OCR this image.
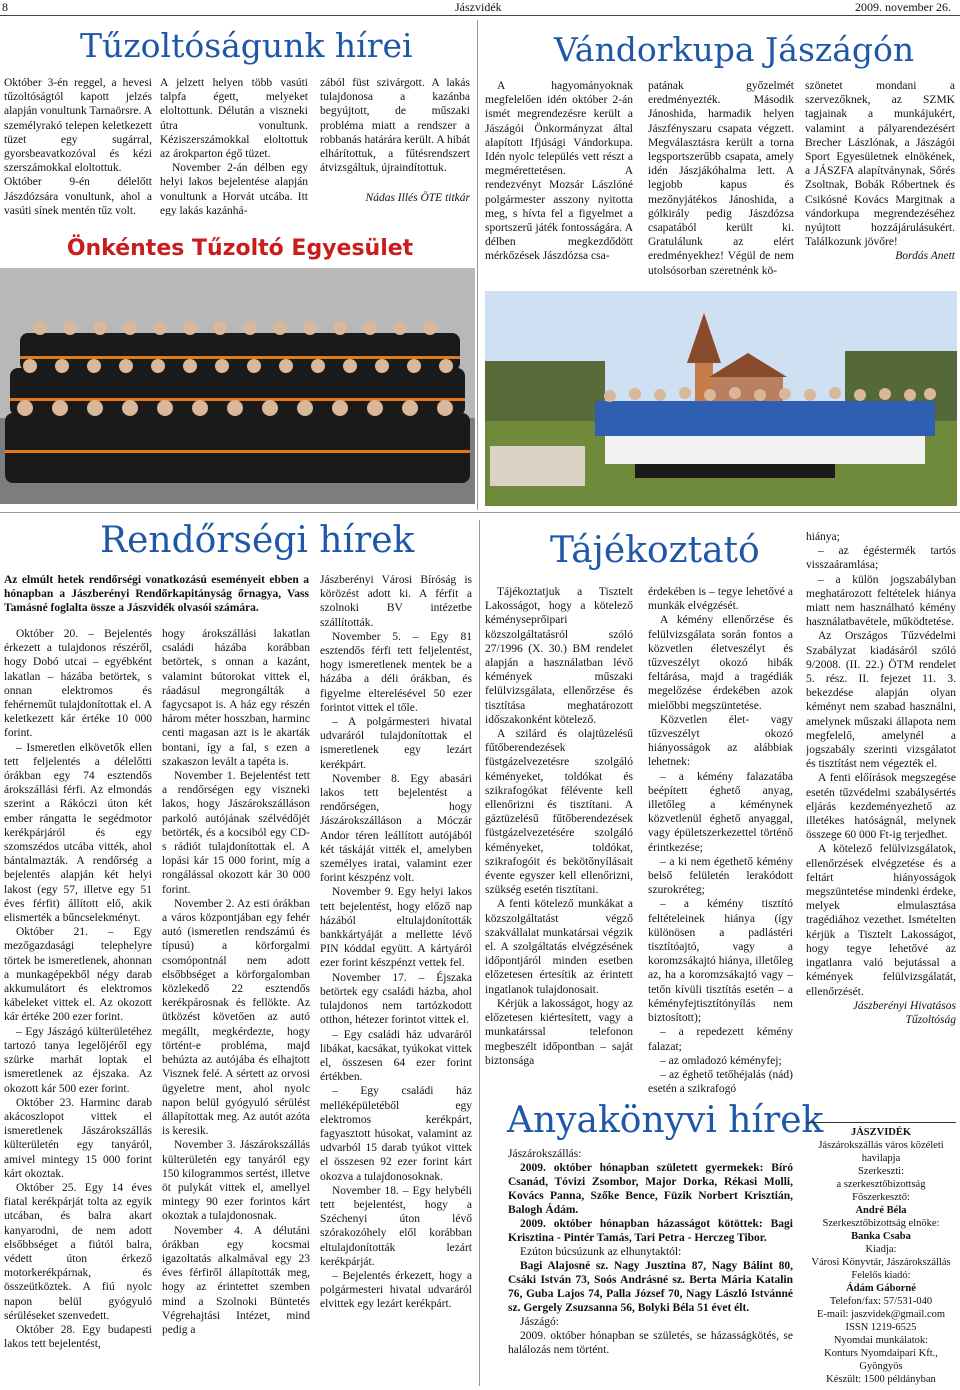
8	Jászvidék	2009. november 26.
Tűzoltóságunk hírei

Október 3-én reggel, a hevesi tűzoltóságtól kapott jelzés alapján vonultunk Tarnaörsre. A személyrakó telepen keletkezett tüzet egy sugárral, gyorsbeavatkozóval és kézi szerszámokkal eloltottuk.

Október 9-én délelőtt Jászdózsára vonultunk, ahol a vasúti sínek mentén tűz volt.

A jelzett helyen több vasúti talpfa égett, melyeket eloltottunk. Délután a viszneki útra vonultunk. Kéziszerszámokkal eloltottuk az árokparton égő tüzet.

November 2-án délben egy helyi lakos bejelentése alapján vonultunk a Horvát utcába. Itt egy lakás kazánhá-

zából füst szivárgott. A lakás tulajdonosa a kazánba begyújtott, de műszaki probléma miatt a rendszer a robbanás határára került. A hibát elhárítottuk, a fűtésrendszert átvizsgáltuk, újraindítottuk.

Nádas Illés ÖTE titkár

Önkéntes Tűzoltó Egyesület
Vándorkupa Jászágón

A hagyományoknak megfelelően idén október 2-án ismét megrendezésre került a Jászágói Önkormányzat által alapított Ifjúsági Vándorkupa. Idén nyolc település vett részt a megmérettetésen. A rendezvényt Mozsár Lászlóné polgármester asszony nyitotta meg, s hívta fel a figyelmet a sportszerű játék fontosságára. A délben megkezdődött mérkőzések Jászdózsa csa-

patának győzelmét eredményezték. Második Jánoshida, harmadik helyen Jászfényszaru csapata végzett. Megválasztásra került a torna legsportszerűbb csapata, amely idén Jászjákóhalma lett. A legjobb kapus és mezőnyjátékos Jánoshida, a gólkirály pedig Jászdózsa csapatából került ki. Gratulálunk az elért eredményekhez! Végül de nem utolsósorban szeretnénk kö-

szönetet mondani a szervezőknek, az SZMK tagjainak a munkájukért, valamint a pályarendezésért Brecher Lászlónak, a Jászágói Sport Egyesületnek elnökének, a JÁSZFA alapítványnak, Sőrés Zsoltnak, Bobák Róbertnek és Csikósné Kovács Margitnak a vándorkupa megrendezéséhez nyújtott hozzájárulásukért. Találkozunk jövőre!

Bordás Anett

Rendőrségi hírek
Az elmúlt hetek rendőrségi vonatkozású eseményeit ebben a hónapban a Jászberényi Rendőrkapitányság őrnagya, Vass Tamásné foglalta össze a Jászvidék olvasói számára.

Október 20. – Bejelentés érkezett a tulajdonos részéről, hogy Dobó utcai – egyébként lakatlan – házába betörtek, s onnan elektromos és fehérneműt tulajdonítottak el. A keletkezett kár értéke 10 000 forint.

– Ismeretlen elkövetők ellen tett feljelentés a délelőtti órákban egy 74 esztendős árokszállási férfi. Az elmondás szerint a Rákóczi úton két ember rángatta le segédmotor kerékpárjáról és egy szomszédos utcába vitték, ahol bántalmazták. A rendőrség a bejelentés alapján két helyi lakost (egy 57, illetve egy 51 éves férfit) állított elő, akik elismerték a bűncselekményt.

Október 21. – Egy mezőgazdasági telephelyre törtek be ismeretlenek, ahonnan a munkagépekből négy darab akkumulátort és elektromos kábeleket vittek el. Az okozott kár értéke 200 ezer forint.

– Egy Jászágó külterületéhez tartozó tanya legelőjéről egy szürke marhát loptak el ismeretlenek az éjszaka. Az okozott kár 500 ezer forint.

Október 23. Harminc darab akácoszlopot vittek el ismeretlenek Jászárokszállás külterületén egy tanyáról, amivel mintegy 15 000 forint kárt okoztak.

Október 25. Egy 14 éves fiatal kerékpárját tolta az egyik utcában, és balra akart kanyarodni, de nem adott elsőbbséget a fiútól balra, védett úton érkező motorkerékpárnak, és összeütköztek. A fiú nyolc napon belül gyógyuló sérüléseket szenvedett.

Október 28. Egy budapesti lakos tett bejelentést,

hogy árokszállási lakatlan családi házába korábban betörtek, s onnan a kazánt, valamint bútorokat vittek el, ráadásul megrongálták a fagycsapot is. A ház egy részén három méter hosszban, harminc centi magasan azt is le akarták bontani, így a fal, s ezen a szakaszon levált a tapéta is.

November 1. Bejelentést tett a rendőrségen egy viszneki lakos, hogy Jászárokszálláson parkoló autójának szélvédőjét betörték, és a kocsiból egy CD-s rádiót tulajdonítottak el. A lopási kár 15 000 forint, míg a rongálással okozott kár 30 000 forint.

November 2. Az esti órákban a város központjában egy fehér autó (ismeretlen rendszámú és típusú) a körforgalmi csomópontnál nem adott elsőbbséget a körforgalomban közlekedő 22 esztendős kerékpárosnak és fellökte. Az ütközést követően az autó megállt, megkérdezte, hogy történt-e probléma, majd behúzta az autójába és elhajtott Visznek felé. A sértett az orvosi ügyeletre ment, ahol nyolc napon belül gyógyuló sérülést állapítottak meg. Az autót azóta is keresik.

November 3. Jászárokszállás külterületén egy tanyáról egy 150 kilogrammos sertést, illetve öt pulykát vittek el, amellyel mintegy 90 ezer forintos kárt okoztak a tulajdonosnak.

November 4. A délutáni órákban egy kocsmai igazoltatás alkalmával egy 23 éves férfiről állapították meg, hogy az érintettet szemben mind a Szolnoki Büntetés Végrehajtási Intézet, mind pedig a

Jászberényi Városi Bíróság is körözést adott ki. A férfit a szolnoki BV intézetbe szállították.

November 5. – Egy 81 esztendős férfi tett feljelentést, hogy ismeretlenek mentek be a házába a déli órákban, és figyelme elterelésével 50 ezer forintot vittek el tőle.

– A polgármesteri hivatal udvaráról tulajdonítottak el ismeretlenek egy lezárt kerékpárt.

November 8. Egy abasári lakos tett bejelentést a rendőrségen, hogy Jászárokszálláson a Móczár Andor téren leállított autójából két táskáját vitték el, amelyben személyes iratai, valamint ezer forint készpénz volt.

November 9. Egy helyi lakos tett bejelentést, hogy előző nap házából eltulajdonították bankkártyáját a mellette lévő PIN kóddal együtt. A kártyáról ezer forint készpénzt vettek fel.

November 17. – Éjszaka betörtek egy családi házba, ahol tulajdonos nem tartózkodott otthon, hétezer forintot vittek el.

– Egy családi ház udvaráról libákat, kacsákat, tyúkokat vittek el, összesen 64 ezer forint értékben.

– Egy családi ház melléképületéből egy elektromos kerékpárt, fagyasztott húsokat, valamint az udvarból 15 darab tyúkot vittek el összesen 92 ezer forint kárt okozva a tulajdonosoknak.

November 18. – Egy helybéli tett bejelentést, hogy a Széchenyi úton lévő szórakozóhely elől korábban eltulajdonították lezárt kerékpárját.

– Bejelentés érkezett, hogy a polgármesteri hivatal udvaráról elvittek egy lezárt kerékpárt.

Tájékoztató

Tájékoztatjuk a Tisztelt Lakosságot, hogy a kötelező kéményseprőipari közszolgáltatásról szóló 27/1996 (X. 30.) BM rendelet alapján a használatban lévő kémények műszaki felülvizsgálata, ellenőrzése és tisztítása meghatározott időszakonként kötelező.

A szilárd és olajtüzelésű fűtőberendezések füstgázelvezetésre szolgáló kéményeket, toldókat és szikrafogókat félévente kell ellenőrizni és tisztítani. A gáztüzelésű fűtőberendezések füstgázelvezetésére szolgáló kéményeket, toldókat, szikrafogóit és bekötőnyílásait évente egyszer kell ellenőrizni, szükség esetén tisztítani.

A fenti kötelező munkákat a közszolgáltatást végző szakvállalat munkatársai végzik el. A szolgáltatás elvégzésének időpontjáról minden esetben előzetesen értesítik az érintett ingatlanok tulajdonosait.

Kérjük a lakosságot, hogy az előzetesen kiértesített, vagy a munkatárssal telefonon megbeszélt időpontban – saját biztonsága

érdekében is – tegye lehetővé a munkák elvégzését.

A kémény ellenőrzése és felülvizsgálata során fontos a közvetlen életveszélyt és tűzveszélyt okozó hibák feltárása, majd a tragédiák megelőzése érdekében azok mielőbbi megszüntetése.

Közvetlen élet- vagy tűzveszélyt okozó hiányosságok az alábbiak lehetnek:

– a kémény falazatába beépített éghető anyag, illetőleg a kéménynek közvetlenül éghető anyaggal, vagy épületszerkezettel történő érintkezése;

– a ki nem égethető kémény belső felületén lerakódott szurokréteg;

– a kémény tisztító feltételeinek hiánya (így különösen a padlástéri tisztítóajtó, vagy a koromzsákajtó hiánya, illetőleg az, ha a koromzsákajtó vagy – tetőn kívüli tisztítás esetén – a kéményfejtisztítónyílás nem biztosított);

– a repedezett kémény falazat;

– az omladozó kéményfej;

– az éghető tetőhéjalás (nád) esetén a szikrafogó

hiánya;

– az égéstermék tartós visszaáramlása;

– a külön jogszabályban meghatározott feltételek hiánya miatt nem használható kémény használatbavétele, működtetése.

Az Országos Tűzvédelmi Szabályzat kiadásáról szóló 9/2008. (II. 22.) ÖTM rendelet 5. rész. II. fejezet 11. 3. bekezdése alapján olyan kéményt nem szabad használni, amelynek műszaki állapota nem megfelelő, amelynél a jogszabály szerinti vizsgálatot és tisztítást nem végezték el.

A fenti előírások megszegése esetén tűzvédelmi szabálysértés eljárás kezdeményezhető az illetékes hatóságnál, melynek összege 60 000 Ft-ig terjedhet.

A kötelező felülvizsgálatok, ellenőrzések elvégzetése és a feltárt hiányosságok megszüntetése mindenki érdeke, melyek elmulasztása tragédiához vezethet. Ismételten kérjük a Tisztelt Lakosságot, hogy tegye lehetővé az ingatlanra való bejutással a kémények felülvizsgálatát, ellenőrzését.

Jászberényi Hivatásos Tűzoltóság

Anyakönyvi hírek

Jászárokszállás:

2009. október hónapban született gyermekek: Bíró Csanád, Tóvizi Zsombor, Major Dorka, Rékasi Molli, Kovács Panna, Szőke Bence, Füzik Norbert Krisztián, Balogh Ádám.

2009. október hónapban házasságot kötöttek: Bagi Krisztina - Pintér Tamás, Tari Petra - Herczeg Tibor.

Ezúton búcsúzunk az elhunytaktól:

Bagi Alajosné sz. Nagy Jusztina 87, Nagy Bálint 80, Csáki István 73, Soós Andrásné sz. Berta Mária Katalin 76, Guba Lajos 74, Palla József 70, Nagy László Istvánné sz. Gergely Zsuzsanna 56, Bolyki Béla 51 évet élt.

Jászágó:

2009. október hónapban se születés, se házasságkötés, se halálozás nem történt.

JÁSZVIDÉK
Jászárokszállás város közéleti havilapja
Szerkeszti:
a szerkesztőbizottság
Főszerkesztő:
André Béla
Szerkesztőbizottság elnöke:
Banka Csaba
Kiadja:
Városi Könyvtár, Jászárokszállás
Felelős kiadó:
Ádám Gáborné
Telefon/fax: 57/531-040
E-mail: jaszvidek@gmail.com
ISSN 1219-6525
Nyomdai munkálatok:
Konturs Nyomdaipari Kft.,
Gyöngyös
Készült: 1500 példányban
